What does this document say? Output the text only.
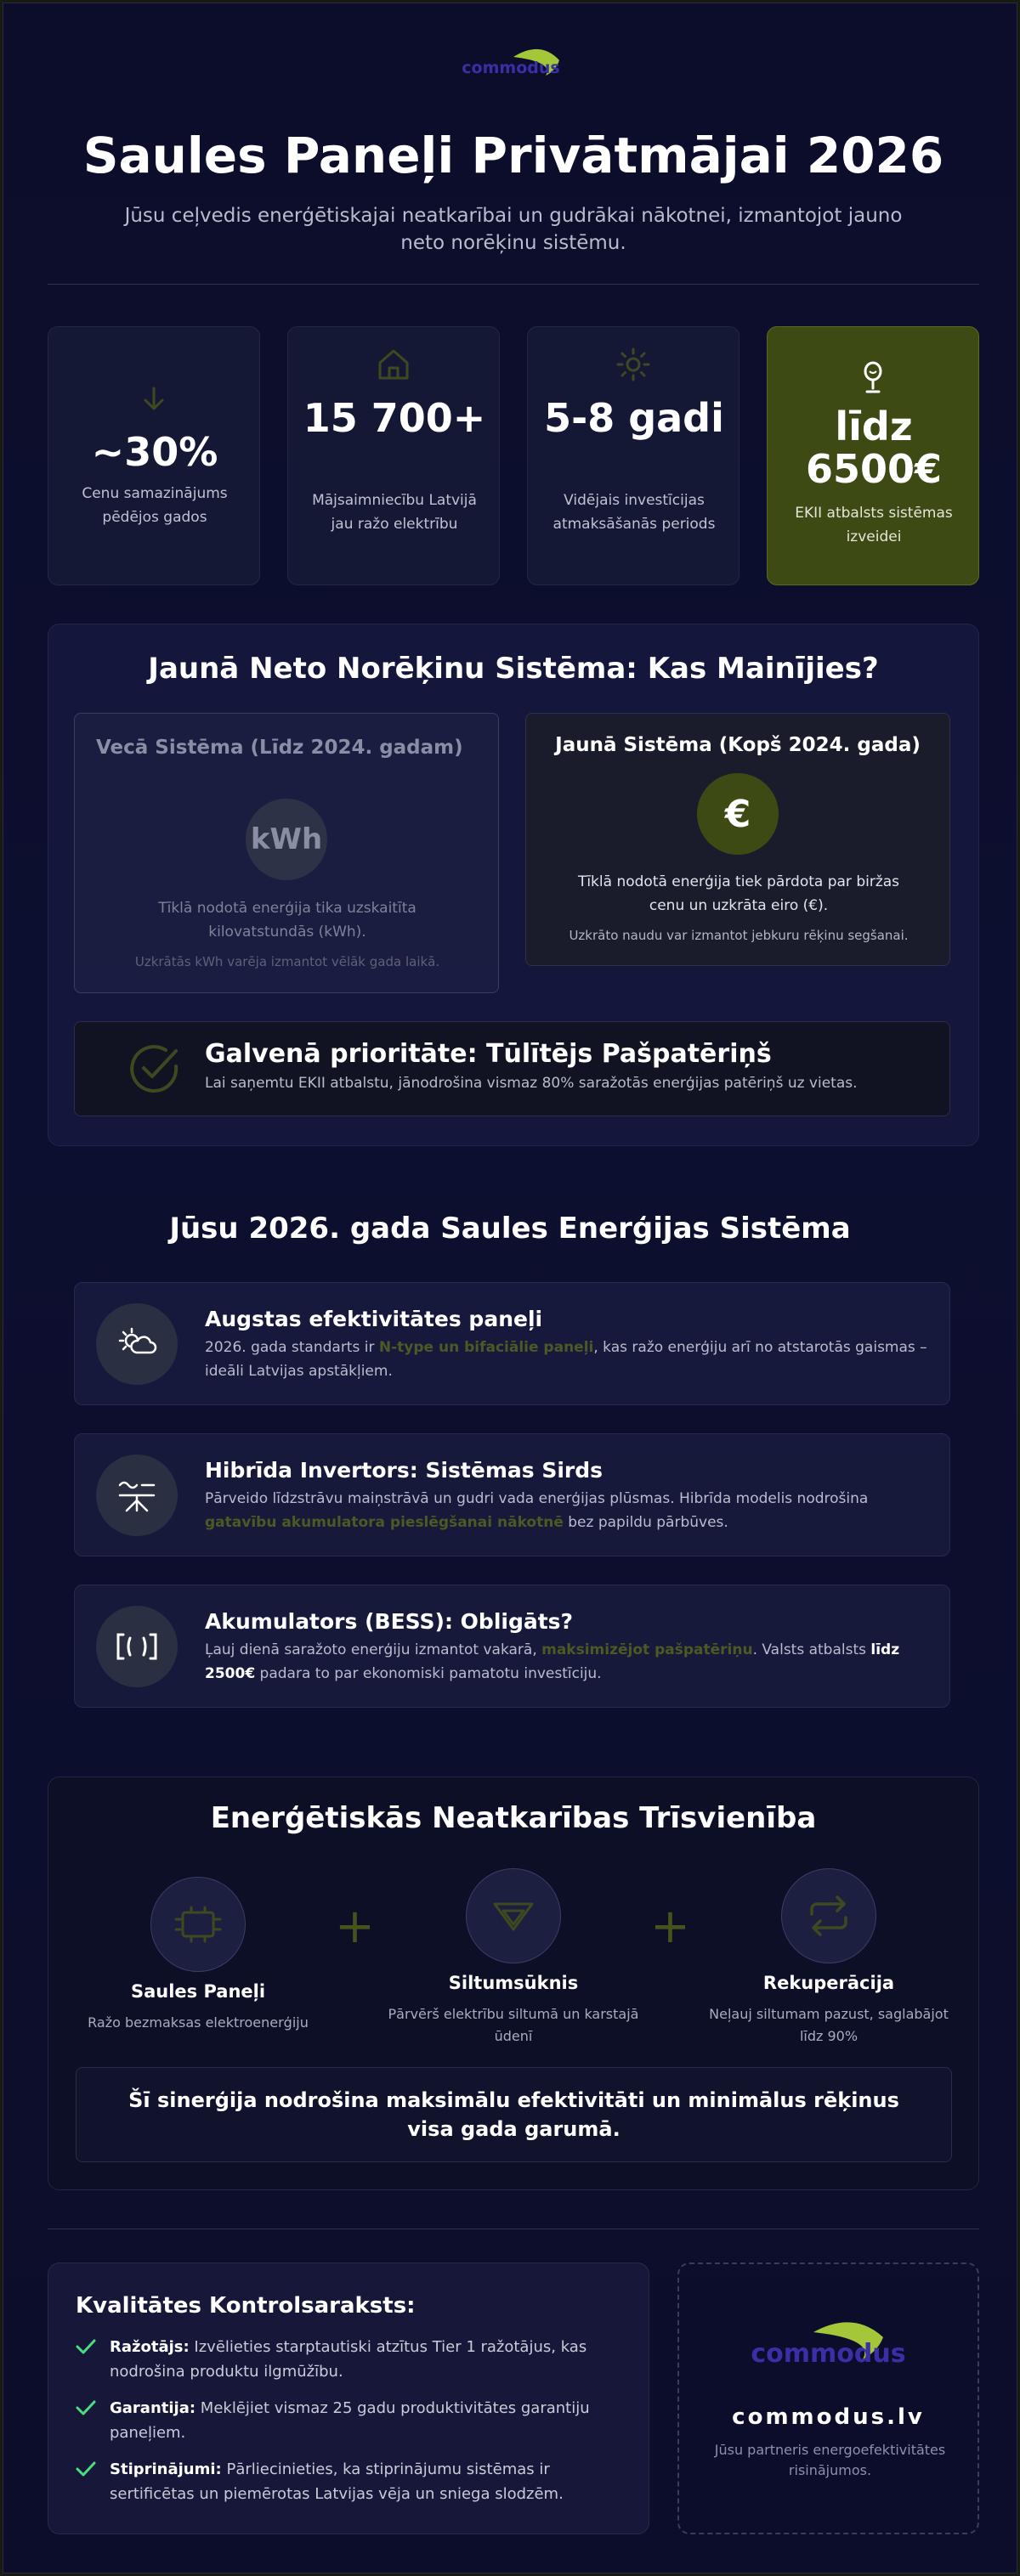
commodus
Saules Paneļi Privātmājai 2026
Jūsu ceļvedis enerģētiskajai neatkarībai un gudrākai nākotnei, izmantojot jauno neto norēķinu sistēmu.
~30%
Cenu samazinājums pēdējos gados
15 700+
Mājsaimniecību Latvijā jau ražo elektrību
5-8 gadi
Vidējais investīcijas atmaksāšanās periods
līdz 6500€
EKII atbalsts sistēmas izveidei
Jaunā Neto Norēķinu Sistēma: Kas Mainījies?
Vecā Sistēma (Līdz 2024. gadam)
kWh
Tīklā nodotā enerģija tika uzskaitīta kilovatstundās (kWh).
Uzkrātās kWh varēja izmantot vēlāk gada laikā.
Jaunā Sistēma (Kopš 2024. gada)
€
Tīklā nodotā enerģija tiek pārdota par biržas cenu un uzkrāta eiro (€).
Uzkrāto naudu var izmantot jebkuru rēķinu segšanai.
Galvenā prioritāte: Tūlītējs Pašpatēriņš
Lai saņemtu EKII atbalstu, jānodrošina vismaz 80% saražotās enerģijas patēriņš uz vietas.
Jūsu 2026. gada Saules Enerģijas Sistēma
Augstas efektivitātes paneļi
2026. gada standarts ir N-type un bifaciālie paneļi, kas ražo enerģiju arī no atstarotās gaismas – ideāli Latvijas apstākļiem.
Hibrīda Invertors: Sistēmas Sirds
Pārveido līdzstrāvu maiņstrāvā un gudri vada enerģijas plūsmas. Hibrīda modelis nodrošina gatavību akumulatora pieslēgšanai nākotnē bez papildu pārbūves.
Akumulators (BESS): Obligāts?
Ļauj dienā saražoto enerģiju izmantot vakarā, maksimizējot pašpatēriņu. Valsts atbalsts līdz 2500€ padara to par ekonomiski pamatotu investīciju.
Enerģētiskās Neatkarības Trīsvienība
Saules Paneļi
Ražo bezmaksas elektroenerģiju
+
Siltumsūknis
Pārvērš elektrību siltumā un karstajā ūdenī
+
Rekuperācija
Neļauj siltumam pazust, saglabājot līdz 90%
Šī sinerģija nodrošina maksimālu efektivitāti un minimālus rēķinus visa gada garumā.
Kvalitātes Kontrolsaraksts:
Ražotājs: Izvēlieties starptautiski atzītus Tier 1 ražotājus, kas nodrošina produktu ilgmūžību.
Garantija: Meklējiet vismaz 25 gadu produktivitātes garantiju paneļiem.
Stiprinājumi: Pārliecinieties, ka stiprinājumu sistēmas ir sertificētas un piemērotas Latvijas vēja un sniega slodzēm.
commodus
commodus.lv
Jūsu partneris energoefektivitātes risinājumos.
